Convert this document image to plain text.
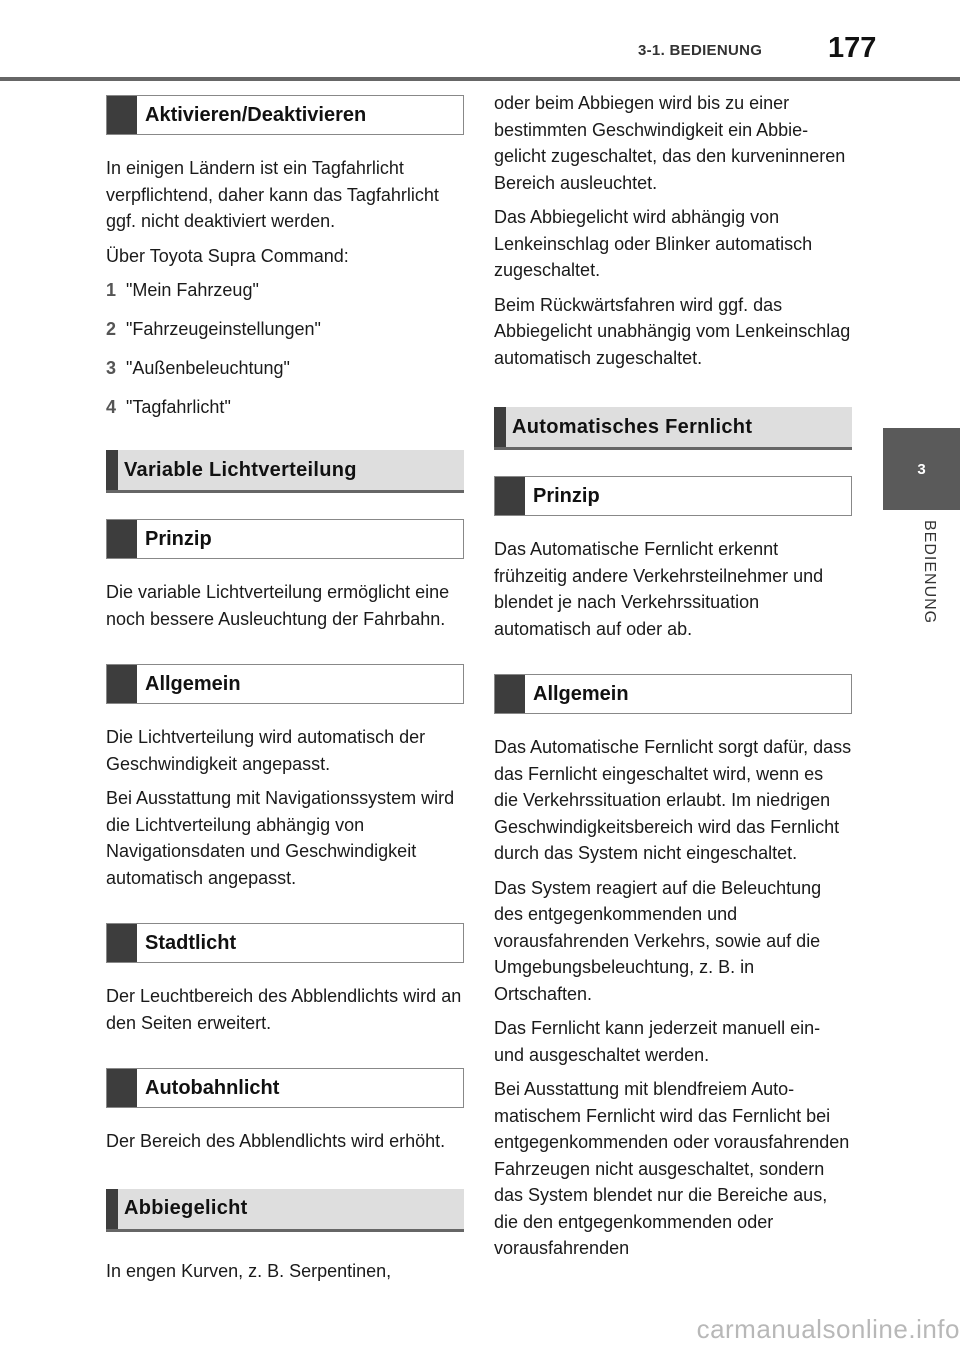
3-1. BEDIENUNG	177
3
BEDIENUNG
Aktivieren/Deaktivieren

In einigen Ländern ist ein Tagfahrlicht verpflichtend, daher kann das Tagfahrlicht ggf. nicht deaktiviert werden.

Über Toyota Supra Command:

1 "Mein Fahrzeug"
2 "Fahrzeugeinstellungen"
3 "Außenbeleuchtung"
4 "Tagfahrlicht"
Variable Lichtverteilung
Prinzip

Die variable Lichtverteilung ermöglicht eine noch bessere Ausleuchtung der Fahrbahn.

Allgemein

Die Lichtverteilung wird automatisch der Geschwindigkeit angepasst.

Bei Ausstattung mit Navigationssystem wird die Lichtverteilung abhängig von Navigationsdaten und Geschwindigkeit automatisch angepasst.

Stadtlicht

Der Leuchtbereich des Abblendlichts wird an den Seiten erweitert.

Autobahnlicht

Der Bereich des Abblendlichts wird erhöht.

Abbiegelicht

In engen Kurven, z. B. Serpentinen,

oder beim Abbiegen wird bis zu einer bestimmten Geschwindigkeit ein Abbiegelicht zugeschaltet, das den kurveninneren Bereich ausleuchtet.

Das Abbiegelicht wird abhängig von Lenkeinschlag oder Blinker automatisch zugeschaltet.

Beim Rückwärtsfahren wird ggf. das Abbiegelicht unabhängig vom Lenkeinschlag automatisch zugeschaltet.

Automatisches Fernlicht
Prinzip

Das Automatische Fernlicht erkennt frühzeitig andere Verkehrsteilnehmer und blendet je nach Verkehrssituation automatisch auf oder ab.

Allgemein

Das Automatische Fernlicht sorgt dafür, dass das Fernlicht eingeschaltet wird, wenn es die Verkehrssituation erlaubt. Im niedrigen Geschwindigkeitsbereich wird das Fernlicht durch das System nicht eingeschaltet.

Das System reagiert auf die Beleuchtung des entgegenkommenden und vorausfahrenden Verkehrs, sowie auf die Umgebungsbeleuchtung, z. B. in Ortschaften.

Das Fernlicht kann jederzeit manuell ein- und ausgeschaltet werden.

Bei Ausstattung mit blendfreiem Automatischem Fernlicht wird das Fernlicht bei entgegenkommenden oder vorausfahrenden Fahrzeugen nicht ausgeschaltet, sondern das System blendet nur die Bereiche aus, die den entgegenkommenden oder vorausfahrenden

carmanualsonline.info
